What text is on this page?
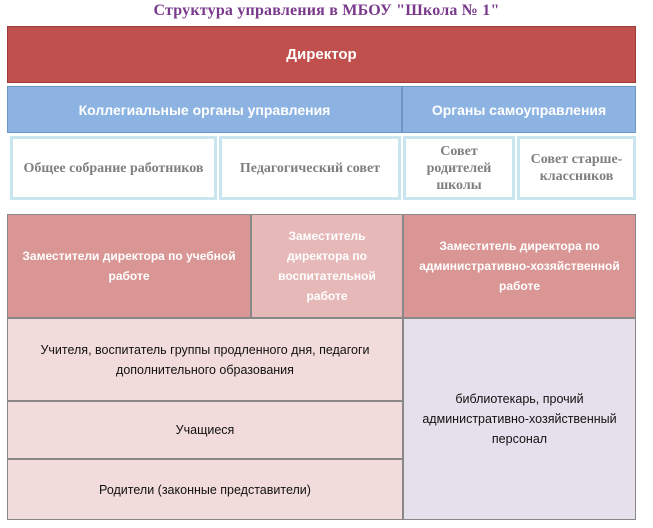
Структура управления в МБОУ "Школа № 1"
Директор
Коллегиальные органы управления	Органы самоуправления
Общее собрание работников	Педагогический совет
Совет родителей школы
Совет старше-классников
Заместители директора по учебной работе
Заместитель директора по воспитательной работе
Заместитель директора по административно-хозяйственной работе
Учителя, воспитатель группы продленного дня, педагоги дополнительного образования
Учащиеся
Родители (законные представители)
библиотекарь, прочий административно-хозяйственный персонал
